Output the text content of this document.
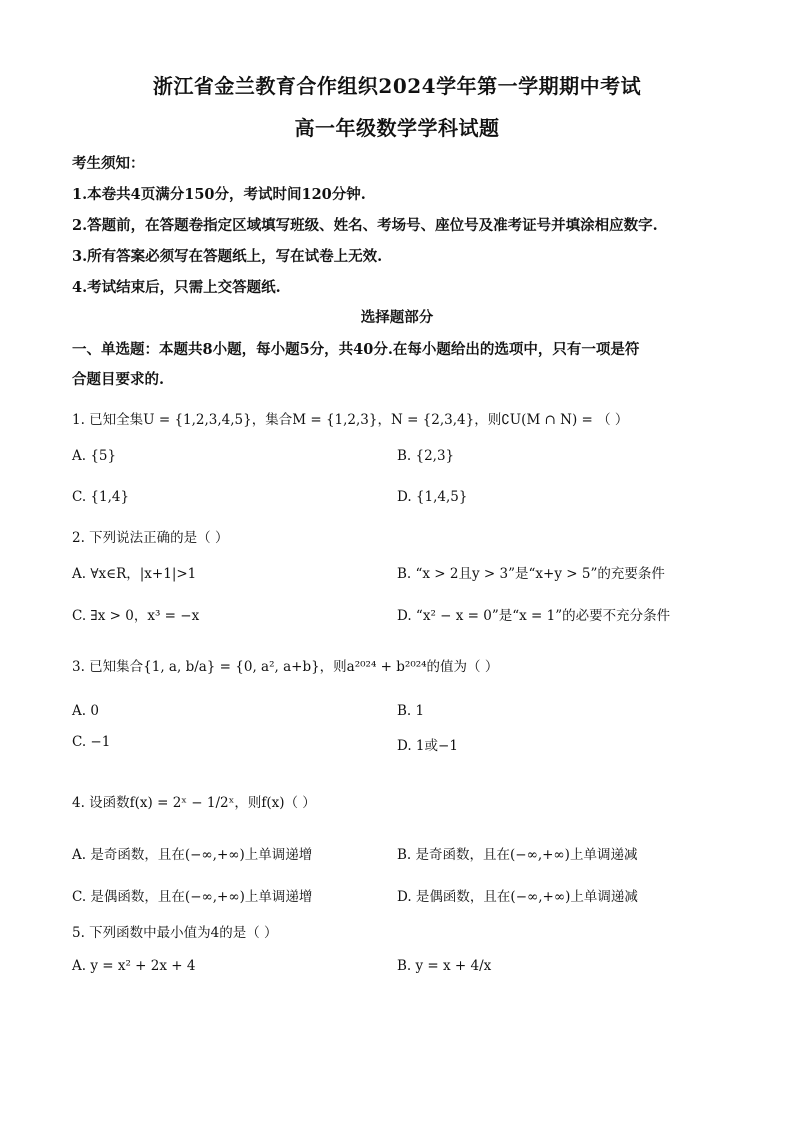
浙江省金兰教育合作组织2024学年第一学期期中考试
高一年级数学学科试题
考生须知：
1.本卷共4页满分150分，考试时间120分钟.
2.答题前，在答题卷指定区域填写班级、姓名、考场号、座位号及准考证号并填涂相应数字.
3.所有答案必须写在答题纸上，写在试卷上无效.
4.考试结束后，只需上交答题纸.
选择题部分
一、单选题：本题共8小题，每小题5分，共40分.在每小题给出的选项中，只有一项是符
合题目要求的.
1. 已知全集U = {1,2,3,4,5}，集合M = {1,2,3}，N = {2,3,4}，则∁U(M ∩ N) = （ ）
A. {5}	B. {2,3}
C. {1,4}	D. {1,4,5}
2. 下列说法正确的是（ ）
A. ∀x∈R，|x+1|>1	B. “x > 2且y > 3”是“x+y > 5”的充要条件
C. ∃x > 0，x³ = −x	D. “x² − x = 0”是“x = 1”的必要不充分条件
3. 已知集合{1, a, b/a} = {0, a², a+b}，则a²⁰²⁴ + b²⁰²⁴的值为（ ）
A. 0	B. 1
C. −1	D. 1或−1
4. 设函数f(x) = 2ˣ − 1/2ˣ，则f(x)（ ）
A. 是奇函数，且在(−∞,+∞)上单调递增	B. 是奇函数，且在(−∞,+∞)上单调递减
C. 是偶函数，且在(−∞,+∞)上单调递增	D. 是偶函数，且在(−∞,+∞)上单调递减
5. 下列函数中最小值为4的是（ ）
A. y = x² + 2x + 4	B. y = x + 4/x
